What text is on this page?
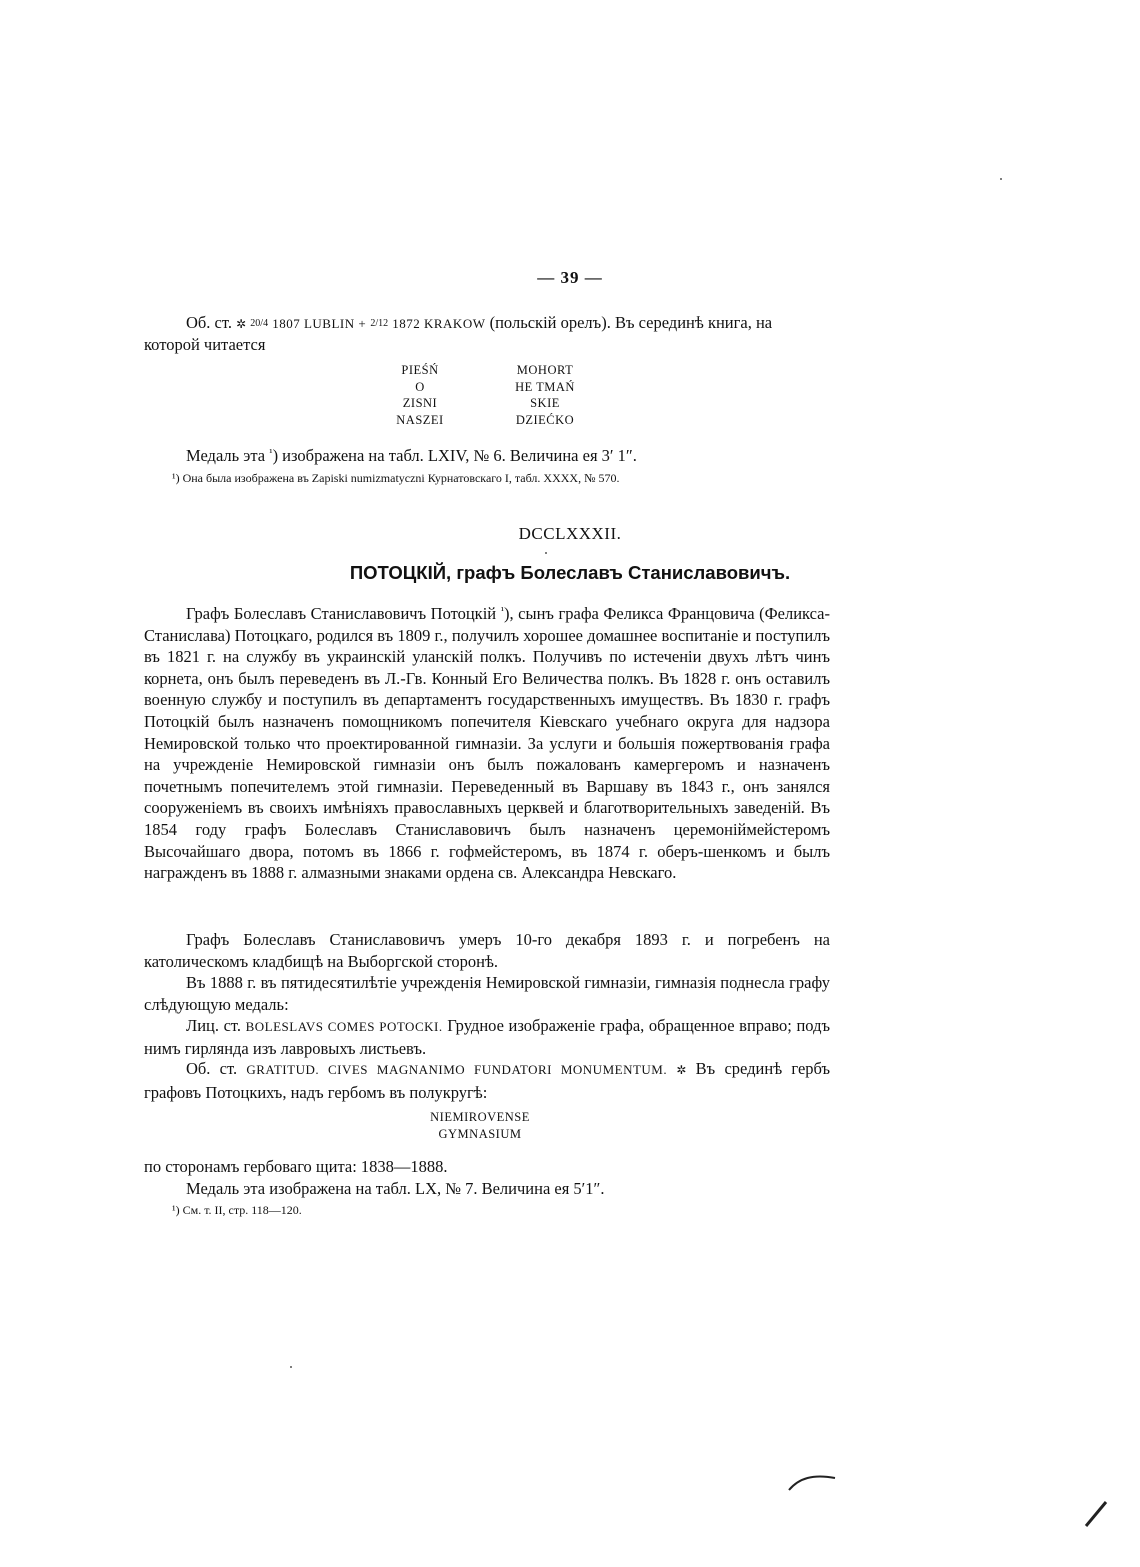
— 39 —
Об. ст. ✲ 20/4 1807 LUBLIN + 2/12 1872 KRAKOW (польскій орелъ). Въ серединѣ книга, на
которой читается
PIEŚŃ
O
ZISNI
NASZEI
MOHORT
HE TMAŃ
SKIE
DZIEĆKO
Медаль эта $^{^1}$) изображена на табл. LXIV, № 6. Величина ея 3′ 1″.
¹) Она была изображена въ Zapiski numizmatyczni Курнатовскаго I, табл. XXXX, № 570.
DCCLXXXII.
ПОТОЦКІЙ, графъ Болеславъ Станиславовичъ.
Графъ Болеславъ Станиславовичъ Потоцкій $^{^1}$), сынъ графа Феликса Францовича (Феликса-Станислава) Потоцкаго, родился въ 1809 г., получилъ хорошее домашнее воспитаніе и поступилъ въ 1821 г. на службу въ украинскій уланскій полкъ. Получивъ по истеченіи двухъ лѣтъ чинъ корнета, онъ былъ переведенъ въ Л.-Гв. Конный Его Величества полкъ. Въ 1828 г. онъ оставилъ военную службу и поступилъ въ департаментъ государственныхъ имуществъ. Въ 1830 г. графъ Потоцкій былъ назначенъ помощникомъ попечителя Кіевскаго учебнаго округа для надзора Немировской только что проектированной гимназіи. За услуги и большія пожертвованія графа на учрежденіе Немировской гимназіи онъ былъ пожалованъ камергеромъ и назначенъ почетнымъ попечителемъ этой гимназіи. Переведенный въ Варшаву въ 1843 г., онъ занялся сооруженіемъ въ своихъ имѣніяхъ православныхъ церквей и благотворительныхъ заведеній. Въ 1854 году графъ Болеславъ Станиславовичъ былъ назначенъ церемоніймейстеромъ Высочайшаго двора, потомъ въ 1866 г. гофмейстеромъ, въ 1874 г. оберъ-шенкомъ и былъ награжденъ въ 1888 г. алмазными знаками ордена св. Александра Невскаго.
Графъ Болеславъ Станиславовичъ умеръ 10-го декабря 1893 г. и погребенъ на католическомъ кладбищѣ на Выборгской сторонѣ.
Въ 1888 г. въ пятидесятилѣтіе учрежденія Немировской гимназіи, гимназія поднесла графу слѣдующую медаль:
Лиц. ст. BOLESLAVS COMES POTOCKI. Грудное изображеніе графа, обращенное вправо; подъ нимъ гирлянда изъ лавровыхъ листьевъ.
Об. ст. GRATITUD. CIVES MAGNANIMO FUNDATORI MONUMENTUM. ✲ Въ срединѣ гербъ графовъ Потоцкихъ, надъ гербомъ въ полукругѣ:
NIEMIROVENSE
GYMNASIUM
по сторонамъ гербоваго щита: 1838—1888.
Медаль эта изображена на табл. LX, № 7. Величина ея 5′1″.
¹) См. т. II, стр. 118—120.
